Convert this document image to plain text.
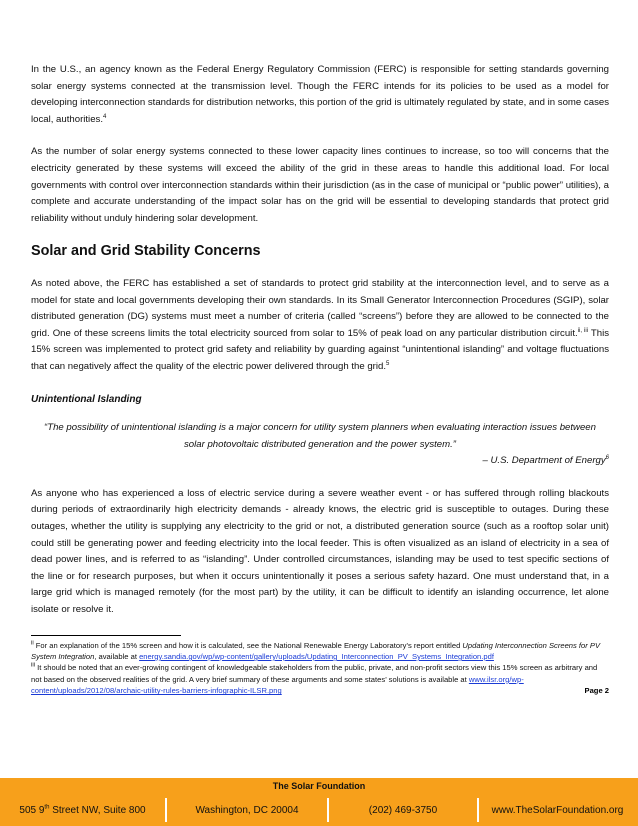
In the U.S., an agency known as the Federal Energy Regulatory Commission (FERC) is responsible for setting standards governing solar energy systems connected at the transmission level. Though the FERC intends for its policies to be used as a model for developing interconnection standards for distribution networks, this portion of the grid is ultimately regulated by state, and in some cases local, authorities.$^4$

As the number of solar energy systems connected to these lower capacity lines continues to increase, so too will concerns that the electricity generated by these systems will exceed the ability of the grid in these areas to handle this additional load. For local governments with control over interconnection standards within their jurisdiction (as in the case of municipal or “public power” utilities), a complete and accurate understanding of the impact solar has on the grid will be essential to developing standards that protect grid reliability without unduly hindering solar development.

Solar and Grid Stability Concerns

As noted above, the FERC has established a set of standards to protect grid stability at the interconnection level, and to serve as a model for state and local governments developing their own standards. In its Small Generator Interconnection Procedures (SGIP), solar distributed generation (DG) systems must meet a number of criteria (called “screens”) before they are allowed to be connected to the grid. One of these screens limits the total electricity sourced from solar to 15% of peak load on any particular distribution circuit.$^{ii, iii}$ This 15% screen was implemented to protect grid safety and reliability by guarding against “unintentional islanding” and voltage fluctuations that can negatively affect the quality of the electric power delivered through the grid.$^5$

Unintentional Islanding

“The possibility of unintentional islanding is a major concern for utility system planners when evaluating interaction issues between solar photovoltaic distributed generation and the power system.”

– U.S. Department of Energy$^6$

As anyone who has experienced a loss of electric service during a severe weather event - or has suffered through rolling blackouts during periods of extraordinarily high electricity demands - already knows, the electric grid is susceptible to outages. During these outages, whether the utility is supplying any electricity to the grid or not, a distributed generation source (such as a rooftop solar unit) could still be generating power and feeding electricity into the local feeder. This is often visualized as an island of electricity in a sea of dead power lines, and is referred to as “islanding”. Under controlled circumstances, islanding may be used to test specific sections of the line or for research purposes, but when it occurs unintentionally it poses a serious safety hazard. One must understand that, in a large grid which is managed remotely (for the most part) by the utility, it can be difficult to identify an islanding occurrence, let alone isolate or resolve it.

$^{ii}$ For an explanation of the 15% screen and how it is calculated, see the National Renewable Energy Laboratory’s report entitled Updating Interconnection Screens for PV System Integration, available at energy.sandia.gov/wp/wp-content/gallery/uploads/Updating_Interconnection_PV_Systems_Integration.pdf

$^{iii}$ It should be noted that an ever-growing contingent of knowledgeable stakeholders from the public, private, and non-profit sectors view this 15% screen as arbitrary and not based on the observed realities of the grid. A very brief summary of these arguments and some states’ solutions is available at www.ilsr.org/wp-content/uploads/2012/08/archaic-utility-rules-barriers-infographic-ILSR.png	Page 2

The Solar Foundation
505 9th Street NW, Suite 800	Washington, DC 20004	(202) 469-3750	www.TheSolarFoundation.org
